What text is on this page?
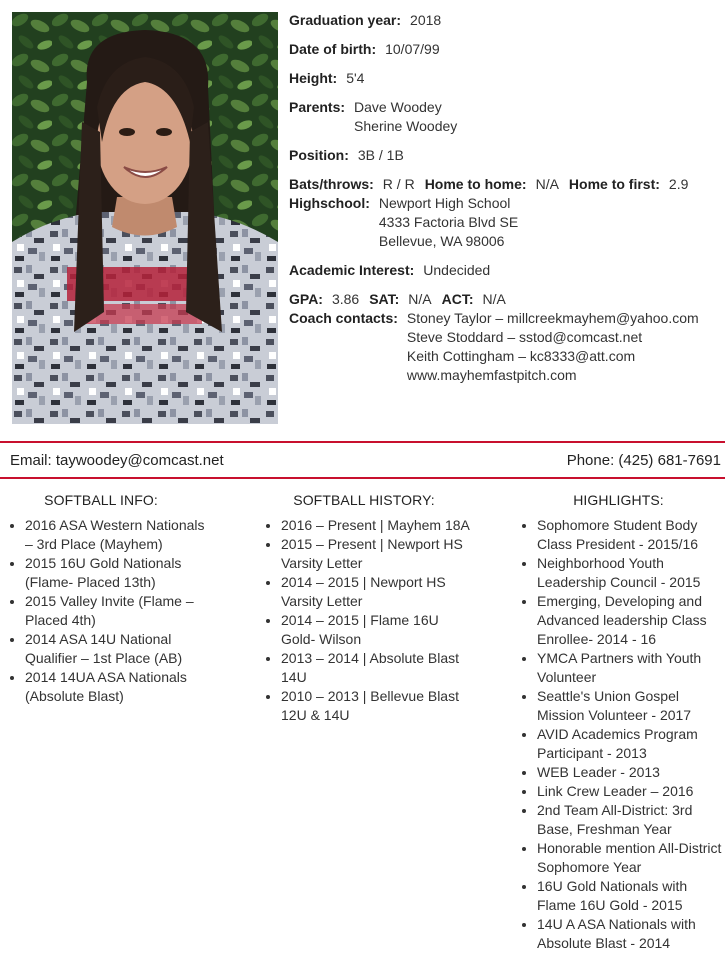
Graduation year: 2018
Date of birth: 10/07/99
Height: 5'4
Parents: Dave Woodey
Sherine Woodey
Position: 3B / 1B
Bats/throws: R / R Home to home: N/A Home to first: 2.9
Highschool: Newport High School
4333 Factoria Blvd SE
Bellevue, WA 98006
Academic Interest: Undecided
GPA: 3.86 SAT: N/A ACT: N/A
Coach contacts: Stoney Taylor – millcreekmayhem@yahoo.com
Steve Stoddard – sstod@comcast.net
Keith Cottingham – kc8333@att.com
www.mayhemfastpitch.com
Email: taywoodey@comcast.net	Phone: (425) 681-7691
SOFTBALL INFO:
• 2016 ASA Western Nationals – 3rd Place (Mayhem)
• 2015 16U Gold Nationals (Flame- Placed 13th)
• 2015 Valley Invite (Flame – Placed 4th)
• 2014 ASA 14U National Qualifier – 1st Place (AB)
• 2014 14UA ASA Nationals (Absolute Blast)
SOFTBALL HISTORY:
• 2016 – Present | Mayhem 18A
• 2015 – Present | Newport HS Varsity Letter
• 2014 – 2015 | Newport HS Varsity Letter
• 2014 – 2015 | Flame 16U Gold- Wilson
• 2013 – 2014 | Absolute Blast 14U
• 2010 – 2013 | Bellevue Blast 12U & 14U
HIGHLIGHTS:
• Sophomore Student Body Class President - 2015/16
• Neighborhood Youth Leadership Council - 2015
• Emerging, Developing and Advanced leadership Class Enrollee- 2014 - 16
• YMCA Partners with Youth Volunteer
• Seattle's Union Gospel Mission Volunteer - 2017
• AVID Academics Program Participant - 2013
• WEB Leader - 2013
• Link Crew Leader – 2016
• 2nd Team All-District: 3rd Base, Freshman Year
• Honorable mention All-District Sophomore Year
• 16U Gold Nationals with Flame 16U Gold - 2015
• 14U A ASA Nationals with Absolute Blast - 2014
